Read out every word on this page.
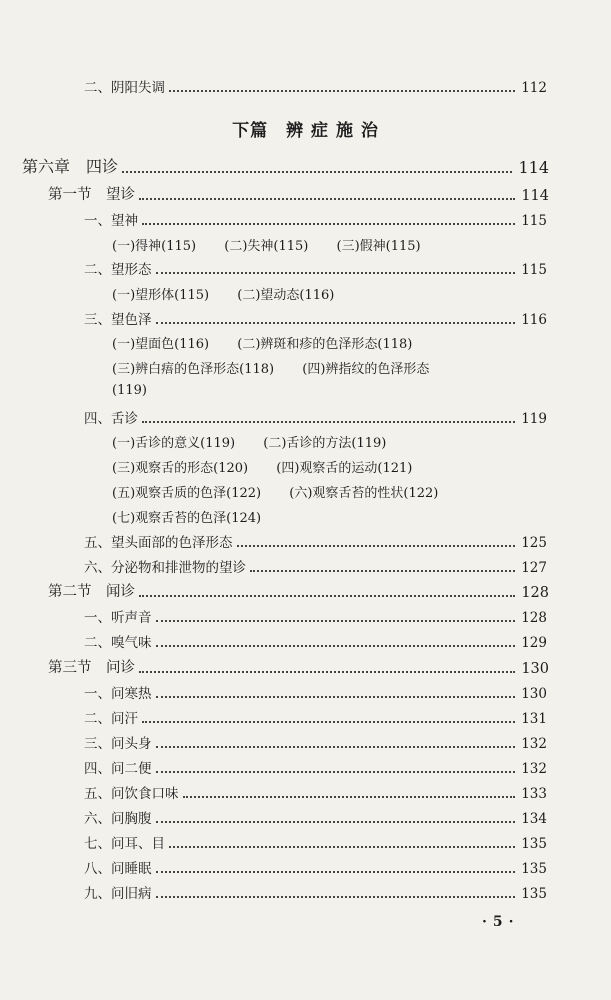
二、阴阳失调	112
下篇　辨 症 施 治
第六章　四诊	114
第一节　望诊	114
一、望神	115
(一)得神(115) (二)失神(115) (三)假神(115)
二、望形态	115
(一)望形体(115) (二)望动态(116)
三、望色泽	116
(一)望面色(116) (二)辨斑和疹的色泽形态(118)
(三)辨白痦的色泽形态(118) (四)辨指纹的色泽形态
(119)
四、舌诊	119
(一)舌诊的意义(119) (二)舌诊的方法(119)
(三)观察舌的形态(120) (四)观察舌的运动(121)
(五)观察舌质的色泽(122) (六)观察舌苔的性状(122)
(七)观察舌苔的色泽(124)
五、望头面部的色泽形态	125
六、分泌物和排泄物的望诊	127
第二节　闻诊	128
一、听声音	128
二、嗅气味	129
第三节　问诊	130
一、问寒热	130
二、问汗	131
三、问头身	132
四、问二便	132
五、问饮食口味	133
六、问胸腹	134
七、问耳、目	135
八、问睡眠	135
九、问旧病	135
·5·
